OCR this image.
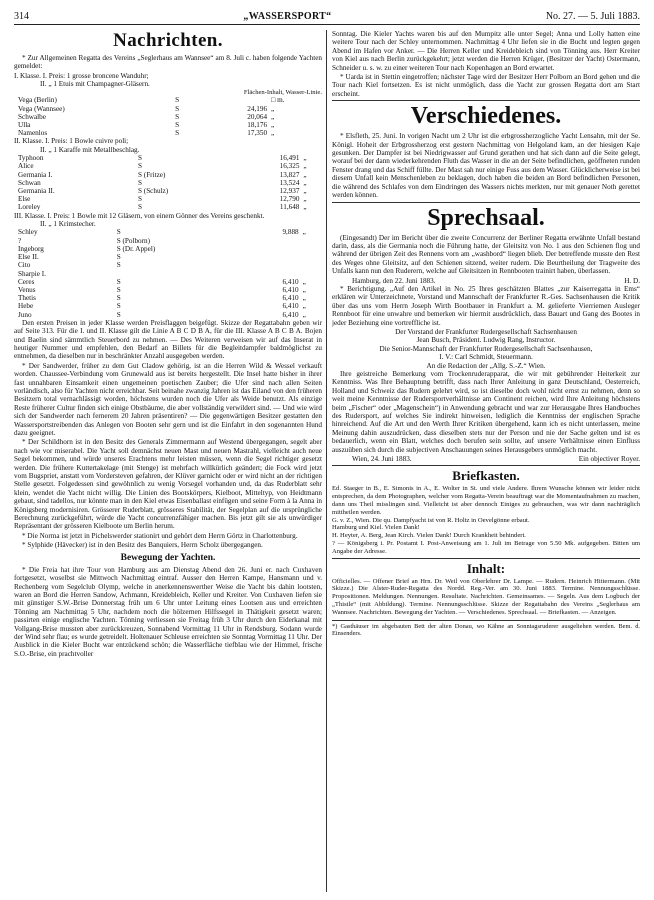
314	„WASSERSPORT“	No. 27. — 5. Juli 1883.
Nachrichten.

* Zur Allgemeinen Regatta des Vereins „Seglerhaus am Wannsee“ am 8. Juli c. haben folgende Yachten gemeldet:

I. Klasse. I. Preis: 1 grosse broncene Wanduhr;
II. „ 1 Etuis mit Champagner-Gläsern.
Flächen-Inhalt, Wasser-Linie.
Vega (Berlin)	S		□ m.
Vega (Wannsee)	S	24,196	„
Schwalbe	S	20,064	„
Ulla	S	18,176	„
Namenlos	S	17,350	„
II. Klasse. I. Preis: 1 Bowle cuivre poli;
II. „ 1 Karaffe mit Metallbeschlag.
Typhoon	S	16,491	„
Alice	S	16,325	„
Germania I.	S (Fritze)	13,827	„
Schwan	S	13,524	„
Germania II.	S (Schulz)	12,937	„
Else	S	12,790	„
Loreley	S	11,648	„
III. Klasse. I. Preis: 1 Bowle mit 12 Gläsern, von einem Gönner des Vereins geschenkt.
II. „ 1 Krimstecher.
Schley	S	9,888	„
?	S (Polborn)		
Ingeborg	S (Dr. Appel)		
Else II.	S		
Cito	S		
Sharpie I.			
Ceres	S	6,410	„
Venus	S	6,410	„
Thetis	S	6,410	„
Hebe	S	6,410	„
Juno	S	6,410	„

Den ersten Preisen in jeder Klasse werden Preisflaggen beigefügt. Skizze der Regattabahn geben wir auf Seite 313. Für die I. und II. Klasse gilt die Linie A B C D B A, für die III. Klasse A B C B A. Bojen und Baelin sind sämmtlich Steuerbord zu nehmen. — Des Weiteren verweisen wir auf das Inserat in heutiger Nummer und empfehlen, den Bedarf an Billets für die Begleitdampfer baldmöglichst zu entnehmen, da dieselben nur in beschränkter Anzahl ausgegeben werden.

* Der Sandwerder, früher zu dem Gut Cladow gehörig, ist an die Herren Wild & Wessel verkauft worden. Chaussee-Verbindung vom Grunewald aus ist bereits hergestellt. Die Insel hatte bisher in ihrer fast unnahbaren Einsamkeit einen ungemeinen poetischen Zauber; die Ufer sind nach allen Seiten vorländisch, also für Yachten nicht erreichbar. Seit beinahe zwanzig Jahren ist das Eiland von den früheren Besitzern total vernachlässigt worden, höchstens wurden noch die Ufer als Weide benutzt. Als einzige Reste früherer Cultur finden sich einige Obstbäume, die aber vollständig verwildert sind. — Und wie wird sich der Sandwerder nach fernerem 20 Jahren präsentiren? — Die gegenwärtigen Besitzer gestatten den Wassersportstreibenden das Anlegen von Booten sehr gern und ist die Einfahrt in den sogenannten Hund dazu geeignet.

* Der Schildhorn ist in den Besitz des Generals Zimmermann auf Westend übergegangen, segelt aber nach wie vor miserabel. Die Yacht soll demnächst neuen Mast und neuen Mastrahl, vielleicht auch neue Segel bekommen, und würde unseres Erachtens mehr leisten müssen, wenn die Segel richtiger gesetzt werden. Die frühere Kuttertakelage (mit Stenge) ist mehrfach willkürlich geändert; die Fock wird jetzt vom Bugspriet, anstatt vom Vordersteven gefahren, der Klüver garnicht oder er wird nicht an der richtigen Stelle gesetzt. Folgedessen sind gewöhnlich zu wenig Vorsegel vorhanden und, da das Ruderblatt sehr klein, wendet die Yacht nicht willig. Die Linien des Bootskörpers, Kielboot, Mitteltyp, von Heidtmann gebaut, sind tadellos, nur könnte man in den Kiel etwas Eisenballast einfügen und seine Form à la Anna in Königsberg modernisiren. Grösserer Ruderblatt, grösseres Stabilität, der Segelplan auf die ursprüngliche Berechnung zurückgeführt, würde die Yacht concurrenzfähiger machen. Bis jetzt gilt sie als unwürdiger Repräsentant der grösseren Kielboote um Berlin herum.

* Die Norma ist jetzt in Pichelswerder stationirt und gehört dem Herrn Görtz in Charlottenburg.

* Sylphide (Hävecker) ist in den Besitz des Banquiers, Herrn Scholz übergegangen.

Bewegung der Yachten.

* Die Freia hat ihre Tour von Hamburg aus am Dienstag Abend den 26. Juni er. nach Cuxhaven fortgesetzt, woselbst sie Mittwoch Nachmittag eintraf. Ausser den Herren Kampe, Hansmann und v. Rechenberg vom Segelclub Olymp, welche in anerkennenswerther Weise die Yacht bis dahin lootsten, waren an Bord die Herren Sandow, Achmann, Kreidebleich, Keller und Kreiter. Von Cuxhaven liefen sie mit günstiger S.W.-Brise Donnerstag früh um 6 Uhr unter Leitung eines Lootsen aus und erreichten Tönning am Nachmittag 5 Uhr, nachdem noch die hölzernen Hilfssegel in Thätigkeit gesetzt waren; passirten einige englische Yachten. Tönning verliessen sie Freitag früh 3 Uhr durch den Eiderkanal mit Vollgang-Brise mussten aber zurückkreuzen, Sonnabend Vormittag 11 Uhr in Rendsburg. Sodann wurde der Wind sehr flau; es wurde getreidelt. Holtenauer Schleuse erreichten sie Sonntag Vormittag 11 Uhr. Der Ausblick in die Kieler Bucht war entzückend schön; die Wasserfläche tiefblau wie der Himmel, frische S.O.-Brise, ein prachtvoller

Sonntag. Die Kieler Yachts waren bis auf den Mumpitz alle unter Segel; Anna und Lolly hatten eine weitere Tour nach der Schley unternommen. Nachmittag 4 Uhr liefen sie in die Bucht und legten gegen Abend im Hafen vor Anker. — Die Herren Keller und Kreidebleich sind von Tönning aus. Herr Kreiter von Kiel aus nach Berlin zurückgekehrt; jetzt werden die Herren Krüger, (Besitzer der Yacht) Ostermann, Schneider u. s. w. zu einer weiteren Tour nach Kopenhagen an Bord erwartet.

* Uarda ist in Stettin eingetroffen; nächster Tage wird der Besitzer Herr Polborn an Bord gehen und die Tour nach Kiel fortsetzen. Es ist nicht unmöglich, dass die Yacht zur grossen Regatta dort am Start erscheint.

Verschiedenes.

* Elsfleth, 25. Juni. In vorigen Nacht um 2 Uhr ist die erbgrossherzogliche Yacht Lensahn, mit der Se. Königl. Hoheit der Erbgrossherzog erst gestern Nachmittag von Helgoland kam, an der hiesigen Kaje gesunken. Der Dampfer ist bei Niedrigwasser auf Grund gerathen und hat sich dann auf die Seite gelegt, worauf bei der dann wiederkehrenden Fluth das Wasser in die an der Seite befindlichen, geöffneten runden Fenster drang und das Schiff füllte. Der Mast sah nur einige Fuss aus dem Wasser. Glücklicherweise ist bei diesem Unfall kein Menschenleben zu beklagen, doch haben die beiden an Bord befindlichen Personen, die während des Schlafes von dem Eindringen des Wassers nichts merkten, nur mit genauer Noth gerettet werden können.

Sprechsaal.

(Eingesandt) Der im Bericht über die zweite Concurrenz der Berliner Regatta erwähnte Unfall bestand darin, dass, als die Germania noch die Führung hatte, der Gleitsitz von No. 1 aus den Schienen flog und während der übrigen Zeit des Rennens vorn am „washbord“ liegen blieb. Der betreffende musste den Rest des Weges ohne Gleitsitz, auf den Schienen sitzend, weiter rudern. Die Beurtheilung der Tragweite des Unfalls kann nun den Ruderern, welche auf Gleitsitzen in Rennbooten trainirt haben, überlassen.

Hamburg, den 22. Juni 1883.	H. D.

* Berichtigung. „Auf den Artikel in No. 25 Ihres geschätzten Blattes „zur Kaiserregatta in Ems“ erklären wir Unterzeichnete, Vorstand und Mannschaft der Frankfurter R.-Ges. Sachsenhausen die Kritik über das uns vom Herrn Joseph Wirth Bootbauer in Frankfurt a. M. gelieferte Vierriemen Ausleger Rennboot für eine unwahre und bemerken wir hiermit ausdrücklich, dass Bauart und Gang des Bootes in jeder Beziehung eine vortreffliche ist.

Der Vorstand der Frankfurter Rudergesellschaft Sachsenhausen
Jean Busch, Präsident. Ludwig Rang, Instructor.
Die Senior-Mannschaft der Frankfurter Rudergesellschaft Sachsenhausen,
I. V.: Carl Schmidt, Steuermann.
An die Redaction der „Allg. S.-Z.“ Wien.

Ihre geistreiche Bemerkung vom Trockenruderapparat, die wir mit gebührender Heiterkeit zur Kenntniss. Was Ihre Behauptung betrifft, dass nach Ihrer Anleitung in ganz Deutschland, Oesterreich, Holland und Schweiz das Rudern gelehrt wird, so ist dieselbe doch wohl nicht ernst zu nehmen, denn so weit meine Kenntnisse der Rudersportverhältnisse am Continent reichen, wird Ihre Anleitung höchstens beim „Fischer“ oder „Magenschein“) in Anwendung gebracht und war zur Herausgabe Ihres Handbuches des Rudersport, auf welches Sie indirekt hinweisen, lediglich die Kenntniss der englischen Sprache hinreichend. Auf die Art und den Werth Ihrer Kritiken übergehend, kann ich es nicht unterlassen, meine Meinung dahin auszudrücken, dass dieselben stets nur der Person und nie der Sache gelten und ist es bedauerlich, wenn ein Blatt, welches doch berufen sein sollte, auf unsere Verhältnisse einen Einfluss auszuüben sich durch die subjectiven Anschauungen seines Herausgebers unmöglich macht.

Wien, 24. Juni 1883.	Ein objectiver Royer.
Briefkasten.
Ed. Staeger in B., E. Simonis in A., E. Wolter in St. und viele Andere. Ihrem Wunsche können wir leider nicht entsprechen, da dem Photographen, welcher vom Regatta-Verein beauftragt war die Momentaufnahmen zu machen, dann uns Theil misslingen sind. Vielleicht ist aber dennoch Einiges zu gebrauchen, was wir dann nachträglich mittheilen werden.
G. v. Z., Wien. Die qu. Dampfyacht ist von R. Holtz in Oevelgönne erbaut.
Hamburg und Kiel. Vielen Dank!
H. Heyter, A. Berg, Jean Kirch. Vielen Dank! Durch Krankheit behindert.
? — Königsberg i. Pr. Postamt I. Post-Anweisung am 1. Juli im Betrage von 5.50 Mk. aufgegeben. Bitten um Angabe der Adresse.
Inhalt:
Officielles. — Offener Brief an Hrn. Dr. Weil von Oberlehrer Dr. Lampe. — Rudern. Heinrich Hittermann. (Mit Skizze.) Die Alster-Ruder-Regatta des Nordd. Reg.-Ver. am 30. Juni 1883. Termine. Nennungsschlüsse. Propositionen. Meldungen. Nennungen. Resultate. Nachrichten. Gemeinsames. — Segeln. Aus dem Logbuch der „Thistle“ (mit Abbildung). Termine. Nennungsschlüsse. Skizze der Regattabahn des Vereins „Seglerhaus am Wannsee. Nachrichten. Bewegung der Yachten. — Verschiedenes. Sprechsaal. — Briefkasten. — Anzeigen.
*) Gasthäuser im abgebauten Bett der alten Donau, wo Kähne an Sonntagsruderer ausgeliehen werden. Bem. d. Einsenders.
